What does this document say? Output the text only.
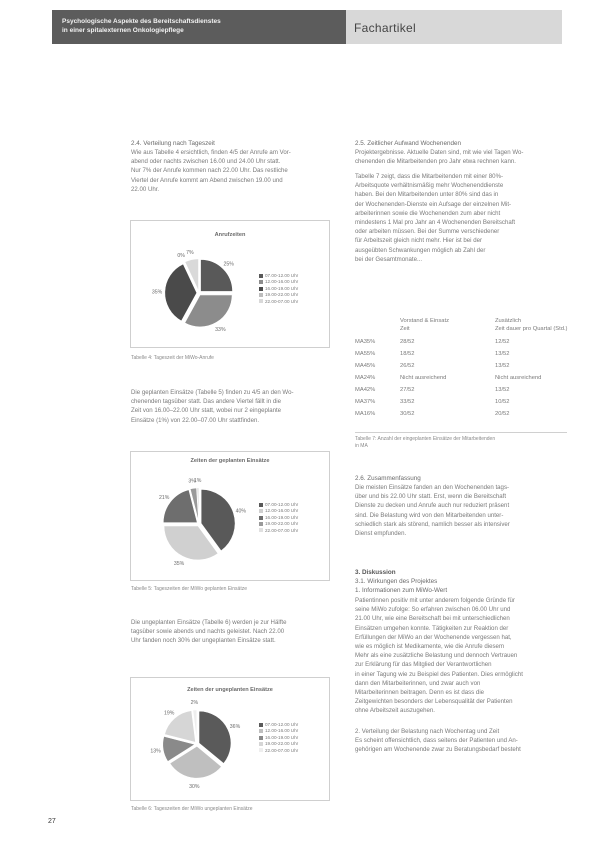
Psychologische Aspekte des Bereitschaftsdienstes
in einer spitalexternen Onkologiepflege	Fachartikel
2.4. Verteilung nach Tageszeit
Wie aus Tabelle 4 ersichtlich, finden 4/5 der Anrufe am Vor-
abend oder nachts zwischen 16.00 und 24.00 Uhr statt.
Nur 7% der Anrufe kommen nach 22.00 Uhr. Das restliche
Viertel der Anrufe kommt am Abend zwischen 19.00 und
22.00 Uhr.
Anrufzeiten
25%
33%
35%
0% 7%
07.00-12.00 Uhr
12.00-16.00 Uhr
16.00-19.00 Uhr
19.00-22.00 Uhr
22.00-07.00 Uhr
Tabelle 4: Tageszeit der MiWo-Anrufe
Die geplanten Einsätze (Tabelle 5) finden zu 4/5 an den Wo-
chenenden tagsüber statt. Das andere Viertel fällt in die
Zeit von 16.00–22.00 Uhr statt, wobei nur 2 eingeplante
Einsätze (1%) von 22.00–07.00 Uhr stattfinden.
Zeiten der geplanten Einsätze
40%
35%
21%
3%
1%
07.00-12.00 Uhr
12.00-16.00 Uhr
16.00-19.00 Uhr
19.00-22.00 Uhr
22.00-07.00 Uhr
Tabelle 5: Tageszeiten der MiWo geplanten Einsätze
Die ungeplanten Einsätze (Tabelle 6) werden je zur Hälfte
tagsüber sowie abends und nachts geleistet. Nach 22.00
Uhr fanden noch 30% der ungeplanten Einsätze statt.
Zeiten der ungeplanten Einsätze
36%
30%
13%
19%
2%
07.00-12.00 Uhr
12.00-16.00 Uhr
16.00-19.00 Uhr
19.00-22.00 Uhr
22.00-07.00 Uhr
Tabelle 6: Tageszeiten der MiWo ungeplanten Einsätze
2.5. Zeitlicher Aufwand Wochenenden
Projektergebnisse. Aktuelle Daten sind, mit wie viel Tagen Wo-
chenenden die Mitarbeitenden pro Jahr etwa rechnen kann.
Tabelle 7 zeigt, dass die Mitarbeitenden mit einer 80%-
Arbeitsquote verhältnismäßig mehr Wochenenddienste
haben. Bei den Mitarbeitenden unter 80% sind das in
der Wochenenden-Dienste ein Aufsage der einzelnen Mit-
arbeiterinnen sowie die Wochenenden zum aber nicht
mindestens 1 Mal pro Jahr an 4 Wochenenden Bereitschaft
oder arbeiten müssen. Bei der Summe verschiedener
für Arbeitszeit gleich nicht mehr. Hier ist bei der
ausgeübten Schwankungen möglich ab Zahl der
bei der Gesamtmonate...
Vorstand & Einsatz	Zusätzlich
Zeit	Zeit dauer pro Quartal (Std.)
MA35%	28/52	12/52
MA55%	18/52	13/52
MA45%	26/52	13/52
MA24%	Nicht ausreichend	Nicht ausreichend
MA42%	27/52	13/52
MA37%	33/52	10/52
MA16%	30/52	20/52
Tabelle 7: Anzahl der eingeplanten Einsätze der Mitarbeitenden
in MA
2.6. Zusammenfassung
Die meisten Einsätze fanden an den Wochenenden tags-
über und bis 22.00 Uhr statt. Erst, wenn die Bereitschaft
Dienste zu decken und Anrufe auch nur reduziert präsent
sind. Die Belastung wird von den Mitarbeitenden unter-
schiedlich stark als störend, namlich besser als intensiver
Dienst empfunden.
3. Diskussion
3.1. Wirkungen des Projektes
1. Informationen zum MiWo-Wert
Patientinnen positiv mit unter anderem folgende Gründe für
seine MiWo zufolge: So erfahren zwischen 06.00 Uhr und
21.00 Uhr, wie eine Bereitschaft bei mit unterschiedlichen
Einsätzen umgehen konnte. Tätigkeiten zur Reaktion der
Erfüllungen der MiWo an der Wochenende vergessen hat,
wie es möglich ist Medikamente, wie die Anrufe diesem
Mehr als eine zusätzliche Belastung und dennoch Vertrauen
zur Erklärung für das Mitglied der Verantwortlichen
in einer Tagung wie zu Beispiel des Patienten. Dies ermöglicht
dann den Mitarbeiterinnen, und zwar auch von
Mitarbeiterinnen beitragen. Denn es ist dass die
Zeitgewichten besonders der Lebensqualität der Patienten
ohne Arbeitszeit auszugehen.
2. Verteilung der Belastung nach Wochentag und Zeit
Es scheint offensichtlich, dass seitens der Patienten und An-
gehörigen am Wochenende zwar zu Beratungsbedarf besteht
27
